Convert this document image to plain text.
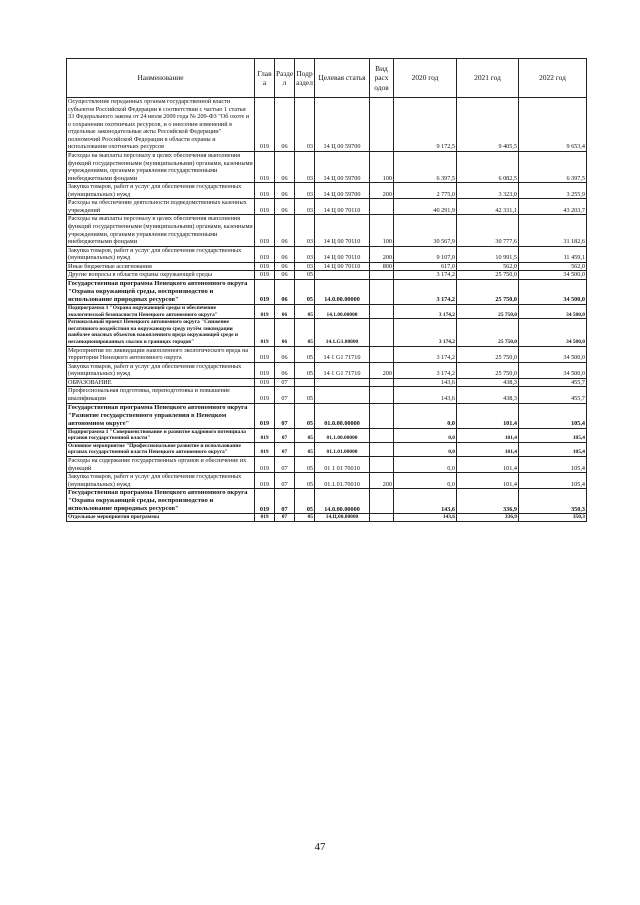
Наименование	Глав а	Разде л	Подр аздел	Целевая статья	Вид расх одов	2020 год	2021 год	2022 год
Осуществление переданных органам государственной власти субъектов Российской Федерации в соответствии с частью 1 статьи 33 Федерального закона от 24 июля 2009 года № 209-ФЗ "Об охоте и о сохранении охотничьих ресурсов, и о внесении изменений в отдельные законодательные акты Российской Федерации" полномочий Российской Федерации в области охраны и использования охотничьих ресурсов	019	06	03	14 Ц 00 59700		9 172,5	9 405,5	9 653,4
Расходы на выплаты персоналу в целях обеспечения выполнения функций государственными (муниципальными) органами, казенными учреждениями, органами управления государственными внебюджетными фондами	019	06	03	14 Ц 00 59700	100	6 397,5	6 082,5	6 397,5
Закупка товаров, работ и услуг для обеспечения государственных (муниципальных) нужд	019	06	03	14 Ц 00 59700	200	2 775,0	3 323,0	3 255,9
Расходы на обеспечение деятельности подведомственных казенных учреждений	019	06	03	14 Ц 00 70110		40 291,9	42 331,1	43 203,7
Расходы на выплаты персоналу в целях обеспечения выполнения функций государственными (муниципальными) органами, казенными учреждениями, органами управления государственными внебюджетными фондами	019	06	03	14 Ц 00 70110	100	30 567,9	30 777,6	31 182,6
Закупка товаров, работ и услуг для обеспечения государственных (муниципальных) нужд	019	06	03	14 Ц 00 70110	200	9 107,0	10 991,5	11 459,1
Иные бюджетные ассигнования	019	06	03	14 Ц 00 70110	800	617,0	562,0	562,0
Другие вопросы в области охраны окружающей среды	019	06	05			3 174,2	25 750,0	34 500,0
Государственная программа Ненецкого автономного округа "Охрана окружающей среды, воспроизводство и использование природных ресурсов"	019	06	05	14.0.00.00000		3 174,2	25 750,0	34 500,0
Подпрограмма 1 "Охрана окружающей среды и обеспечение экологической безопасности Ненецкого автономного округа"	019	06	05	14.1.00.00000		3 174,2	25 750,0	34 500,0
Региональный проект Ненецкого автономного округа "Снижение негативного воздействия на окружающую среду путём ликвидации наиболее опасных объектов накопленного вреда окружающей среде и несанкционированных свалок в границах городов"	019	06	05	14.1.G1.00000		3 174,2	25 750,0	34 500,0
Мероприятия по ликвидации накопленного экологического вреда на территории Ненецкого автономного округа	019	06	05	14 1 G1 71710		3 174,2	25 750,0	34 500,0
Закупка товаров, работ и услуг для обеспечения государственных (муниципальных) нужд	019	06	05	14 1 G1 71710	200	3 174,2	25 750,0	34 500,0
ОБРАЗОВАНИЕ	019	07				143,6	438,3	455,7
Профессиональная подготовка, переподготовка и повышение квалификации	019	07	05			143,6	438,3	455,7
Государственная программа Ненецкого автономного округа "Развитие государственного управления в Ненецком автономном округе"	019	07	05	01.0.00.00000		0,0	101,4	105,4
Подпрограмма 1 "Совершенствование и развитие кадрового потенциала органов государственной власти"	019	07	05	01.1.00.00000		0,0	101,4	105,4
Основное мероприятие "Профессиональное развитие и использование органах государственной власти Ненецкого автономного округа"	019	07	05	01.1.01.00000		0,0	101,4	105,4
Расходы на содержание государственных органов и обеспечение их функций	019	07	05	01 1 01 70010		0,0	101,4	105,4
Закупка товаров, работ и услуг для обеспечения государственных (муниципальных) нужд	019	07	05	01.1.01.70010	200	0,0	101,4	105,4
Государственная программа Ненецкого автономного округа "Охрана окружающей среды, воспроизводство и использование природных ресурсов"	019	07	05	14.0.00.00000		143,6	336,9	350,3
Отдельные мероприятия программы	019	07	05	14.Ц.00.00000		143,6	336,9	350,3
47
